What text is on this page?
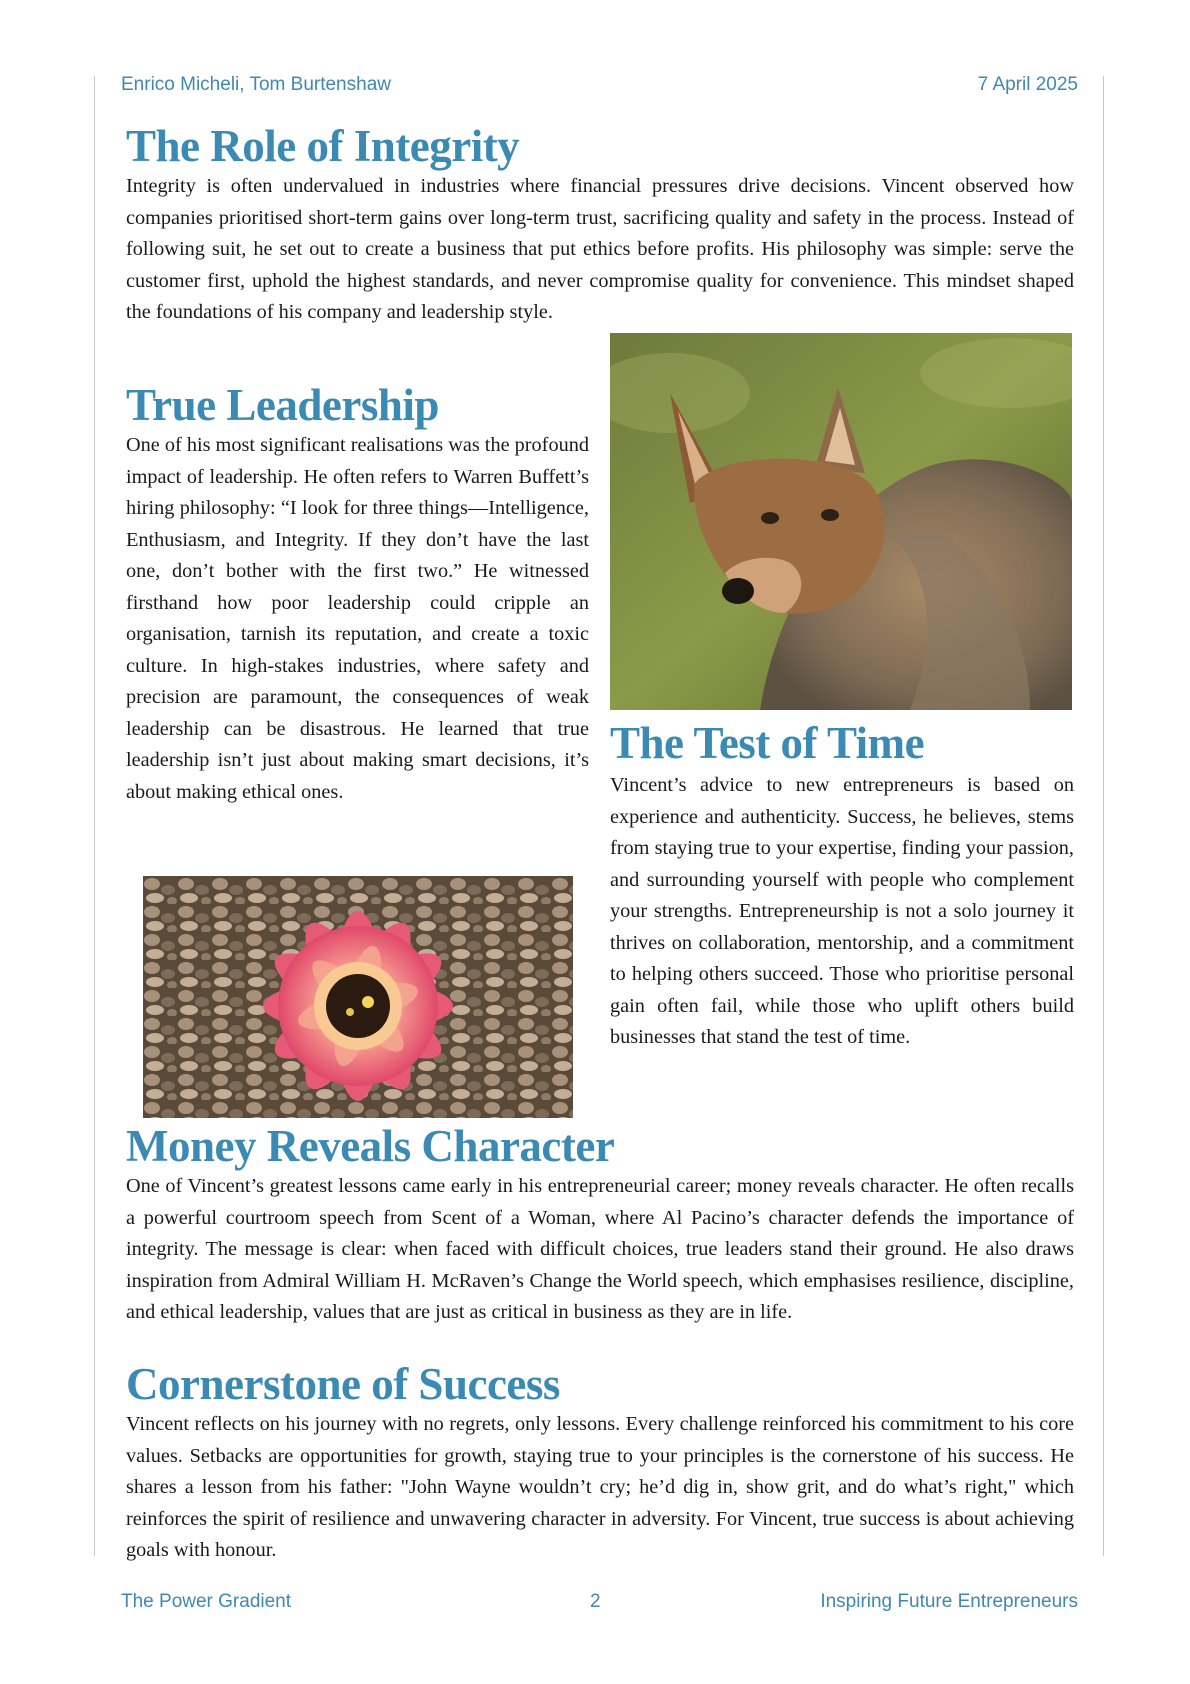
Enrico Micheli, Tom Burtenshaw	7 April 2025
The Role of Integrity

Integrity is often undervalued in industries where financial pressures drive decisions. Vincent observed how companies prioritised short-term gains over long-term trust, sacrificing quality and safety in the process. Instead of following suit, he set out to create a business that put ethics before profits. His philosophy was simple: serve the customer first, uphold the highest standards, and never compromise quality for convenience. This mindset shaped the foundations of his company and leadership style.

True Leadership

One of his most significant realisations was the profound impact of leadership. He often refers to Warren Buffett’s hiring philosophy: “I look for three things—Intelligence, Enthusiasm, and Integrity. If they don’t have the last one, don’t bother with the first two.” He witnessed firsthand how poor leadership could cripple an organisation, tarnish its reputation, and create a toxic culture. In high-stakes industries, where safety and precision are paramount, the consequences of weak leadership can be disastrous. He learned that true leadership isn’t just about making smart decisions, it’s about making ethical ones.

The Test of Time

Vincent’s advice to new entrepreneurs is based on experience and authenticity. Success, he believes, stems from staying true to your expertise, finding your passion, and surrounding yourself with people who complement your strengths. Entrepreneurship is not a solo journey it thrives on collaboration, mentorship, and a commitment to helping others succeed. Those who prioritise personal gain often fail, while those who uplift others build businesses that stand the test of time.

Money Reveals Character

One of Vincent’s greatest lessons came early in his entrepreneurial career; money reveals character. He often recalls a powerful courtroom speech from Scent of a Woman, where Al Pacino’s character defends the importance of integrity. The message is clear: when faced with difficult choices, true leaders stand their ground. He also draws inspiration from Admiral William H. McRaven’s Change the World speech, which emphasises resilience, discipline, and ethical leadership, values that are just as critical in business as they are in life.

Cornerstone of Success

Vincent reflects on his journey with no regrets, only lessons. Every challenge reinforced his commitment to his core values. Setbacks are opportunities for growth, staying true to your principles is the cornerstone of his success. He shares a lesson from his father: "John Wayne wouldn’t cry; he’d dig in, show grit, and do what’s right," which reinforces the spirit of resilience and unwavering character in adversity. For Vincent, true success is about achieving goals with honour.

The Power Gradient	2	Inspiring Future Entrepreneurs
